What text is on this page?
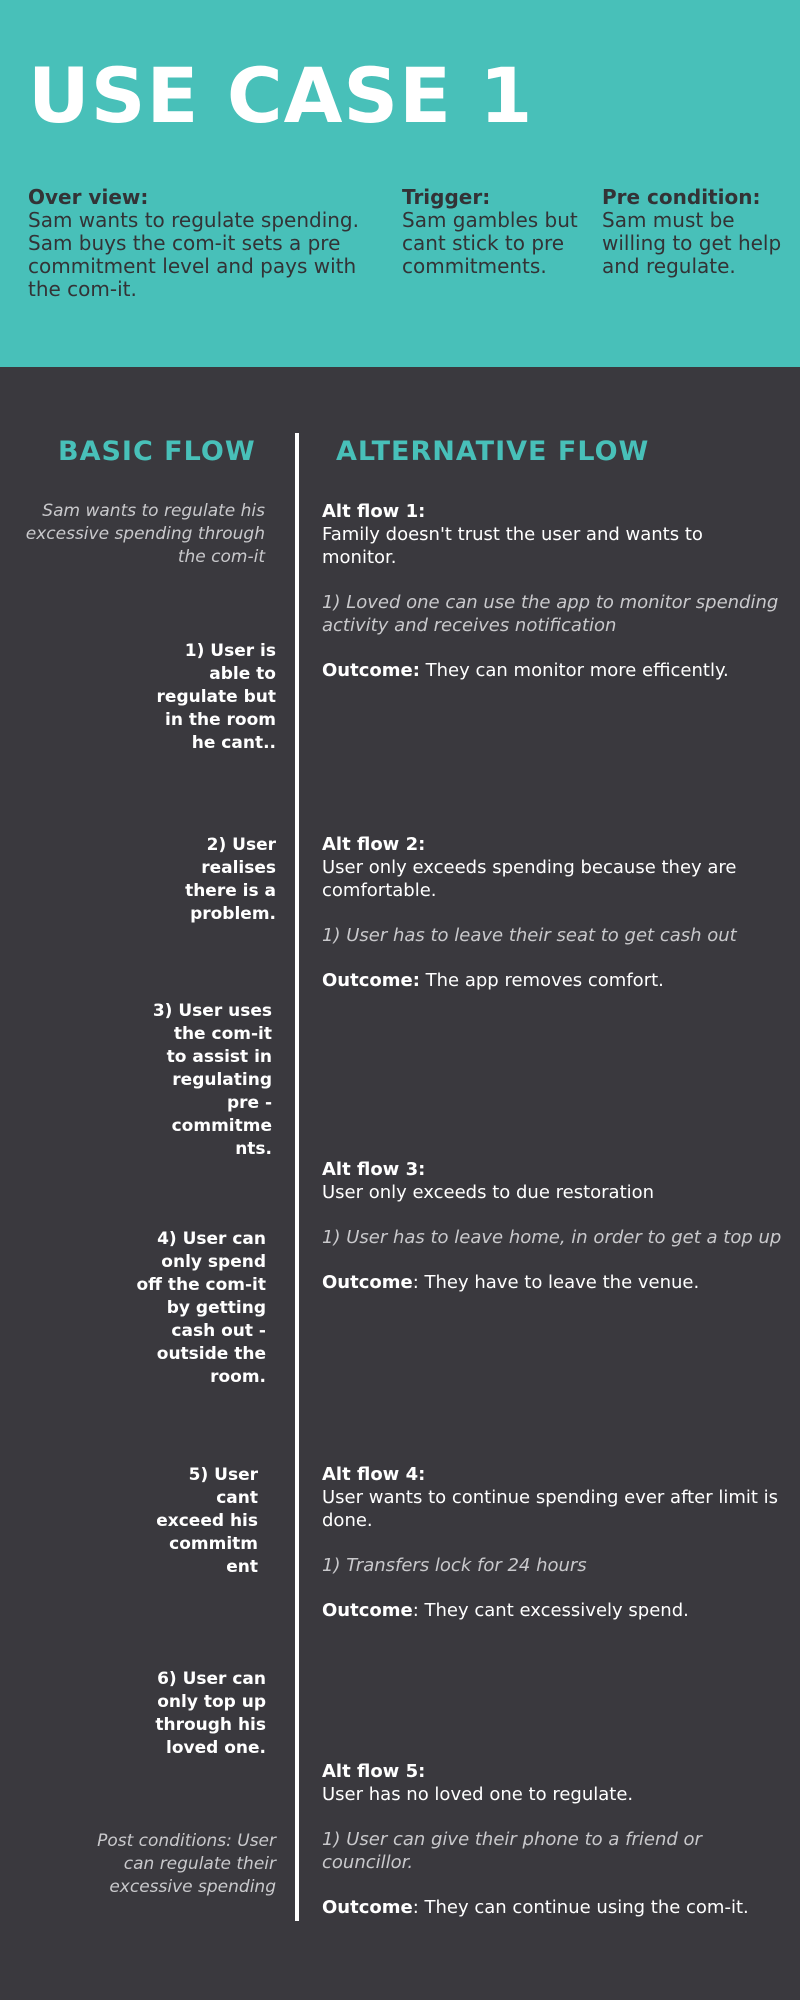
USE CASE 1
Over view:
Sam wants to regulate spending. Sam buys the com-it sets a pre commitment level and pays with the com-it.
Trigger:
Sam gambles but cant stick to pre commitments.
Pre condition:
Sam must be willing to get help and regulate.
BASIC FLOW	ALTERNATIVE FLOW
Sam wants to regulate his excessive spending through the com-it
1) User is able to regulate but in the room he cant..
2) User realises there is a problem.
3) User uses the com-it to assist in regulating pre - commitme nts.
4) User can only spend off the com-it by getting cash out - outside the room.
5) User cant exceed his commitm ent
6) User can only top up through his loved one.
Post conditions: User can regulate their excessive spending
Alt flow 1:
Family doesn't trust the user and wants to monitor.
1) Loved one can use the app to monitor spending activity and receives notification
Outcome: They can monitor more efficently.
Alt flow 2:
User only exceeds spending because they are comfortable.
1) User has to leave their seat to get cash out
Outcome: The app removes comfort.
Alt flow 3:
User only exceeds to due restoration
1) User has to leave home, in order to get a top up
Outcome: They have to leave the venue.
Alt flow 4:
User wants to continue spending ever after limit is done.
1) Transfers lock for 24 hours
Outcome: They cant excessively spend.
Alt flow 5:
User has no loved one to regulate.
1) User can give their phone to a friend or councillor.
Outcome: They can continue using the com-it.
